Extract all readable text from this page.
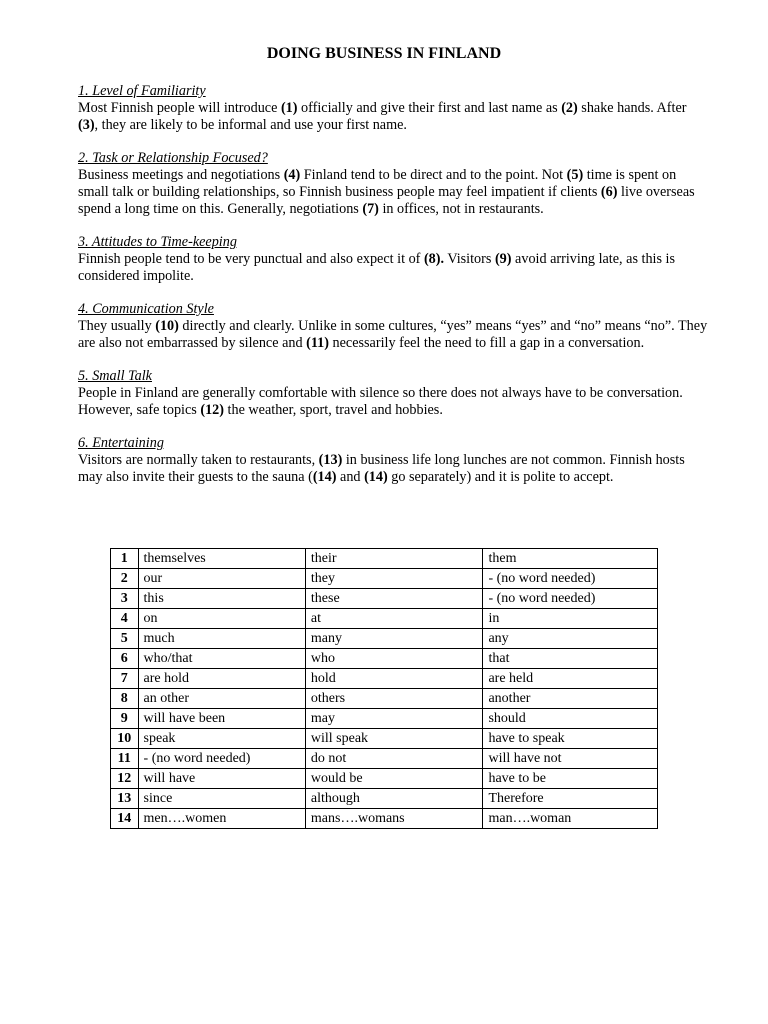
DOING BUSINESS IN FINLAND
1. Level of Familiarity

Most Finnish people will introduce (1) officially and give their first and last name as (2) shake hands. After (3), they are likely to be informal and use your first name.

2. Task or Relationship Focused?

Business meetings and negotiations (4) Finland tend to be direct and to the point. Not (5) time is spent on small talk or building relationships, so Finnish business people may feel impatient if clients (6) live overseas spend a long time on this. Generally, negotiations (7) in offices, not in restaurants.

3. Attitudes to Time-keeping

Finnish people tend to be very punctual and also expect it of (8). Visitors (9) avoid arriving late, as this is considered impolite.

4. Communication Style

They usually (10) directly and clearly. Unlike in some cultures, “yes” means “yes” and “no” means “no”. They are also not embarrassed by silence and (11) necessarily feel the need to fill a gap in a conversation.

5. Small Talk

People in Finland are generally comfortable with silence so there does not always have to be conversation. However, safe topics (12) the weather, sport, travel and hobbies.

6. Entertaining

Visitors are normally taken to restaurants, (13) in business life long lunches are not common. Finnish hosts may also invite their guests to the sauna ((14) and (14) go separately) and it is polite to accept.

1	themselves	their	them
2	our	they	- (no word needed)
3	this	these	- (no word needed)
4	on	at	in
5	much	many	any
6	who/that	who	that
7	are hold	hold	are held
8	an other	others	another
9	will have been	may	should
10	speak	will speak	have to speak
11	- (no word needed)	do not	will have not
12	will have	would be	have to be
13	since	although	Therefore
14	men….women	mans….womans	man….woman
